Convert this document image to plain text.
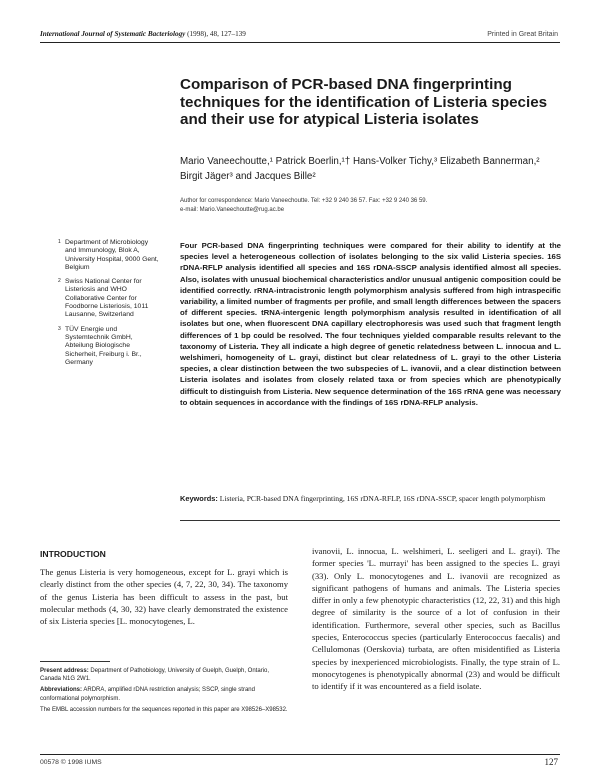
International Journal of Systematic Bacteriology (1998), 48, 127–139	Printed in Great Britain
Comparison of PCR-based DNA fingerprinting techniques for the identification of Listeria species and their use for atypical Listeria isolates
Mario Vaneechoutte,¹ Patrick Boerlin,¹† Hans-Volker Tichy,³ Elizabeth Bannerman,² Birgit Jäger³ and Jacques Bille²
Author for correspondence: Mario Vaneechoutte. Tel: +32 9 240 36 57. Fax: +32 9 240 36 59.
e-mail: Mario.Vaneechoutte@rug.ac.be
1 Department of Microbiology and Immunology, Blok A, University Hospital, 9000 Gent, Belgium
2 Swiss National Center for Listeriosis and WHO Collaborative Center for Foodborne Listeriosis, 1011 Lausanne, Switzerland
3 TÜV Energie und Systemtechnik GmbH, Abteilung Biologische Sicherheit, Freiburg i. Br., Germany
Four PCR-based DNA fingerprinting techniques were compared for their ability to identify at the species level a heterogeneous collection of isolates belonging to the six valid Listeria species. 16S rDNA-RFLP analysis identified all species and 16S rDNA-SSCP analysis identified almost all species. Also, isolates with unusual biochemical characteristics and/or unusual antigenic composition could be identified correctly. rRNA-intracistronic length polymorphism analysis suffered from high intraspecific variability, a limited number of fragments per profile, and small length differences between the spacers of different species. tRNA-intergenic length polymorphism analysis resulted in identification of all isolates but one, when fluorescent DNA capillary electrophoresis was used such that fragment length differences of 1 bp could be resolved. The four techniques yielded comparable results relevant to the taxonomy of Listeria. They all indicate a high degree of genetic relatedness between L. innocua and L. welshimeri, homogeneity of L. grayi, distinct but clear relatedness of L. grayi to the other Listeria species, a clear distinction between the two subspecies of L. ivanovii, and a clear distinction between Listeria isolates and isolates from closely related taxa or from species which are phenotypically difficult to distinguish from Listeria. New sequence determination of the 16S rRNA gene was necessary to obtain sequences in accordance with the findings of 16S rDNA-RFLP analysis.
Keywords: Listeria, PCR-based DNA fingerprinting, 16S rDNA-RFLP, 16S rDNA-SSCP, spacer length polymorphism
INTRODUCTION
The genus Listeria is very homogeneous, except for L. grayi which is clearly distinct from the other species (4, 7, 22, 30, 34). The taxonomy of the genus Listeria has been difficult to assess in the past, but molecular methods (4, 30, 32) have clearly demonstrated the existence of six Listeria species [L. monocytogenes, L.
ivanovii, L. innocua, L. welshimeri, L. seeligeri and L. grayi). The former species 'L. murrayi' has been assigned to the species L. grayi (33). Only L. monocytogenes and L. ivanovii are recognized as significant pathogens of humans and animals. The Listeria species differ in only a few phenotypic characteristics (12, 22, 31) and this high degree of similarity is the source of a lot of confusion in their identification. Furthermore, several other species, such as Bacillus species, Enterococcus species (particularly Enterococcus faecalis) and Cellulomonas (Oerskovia) turbata, are often misidentified as Listeria species by inexperienced microbiologists. Finally, the type strain of L. monocytogenes is phenotypically abnormal (23) and would be difficult to identify if it was encountered as a field isolate.

Present address: Department of Pathobiology, University of Guelph, Guelph, Ontario, Canada N1G 2W1.

Abbreviations: ARDRA, amplified rDNA restriction analysis; SSCP, single strand conformational polymorphism.

The EMBL accession numbers for the sequences reported in this paper are X98526–X98532.

00578 © 1998 IUMS	127
